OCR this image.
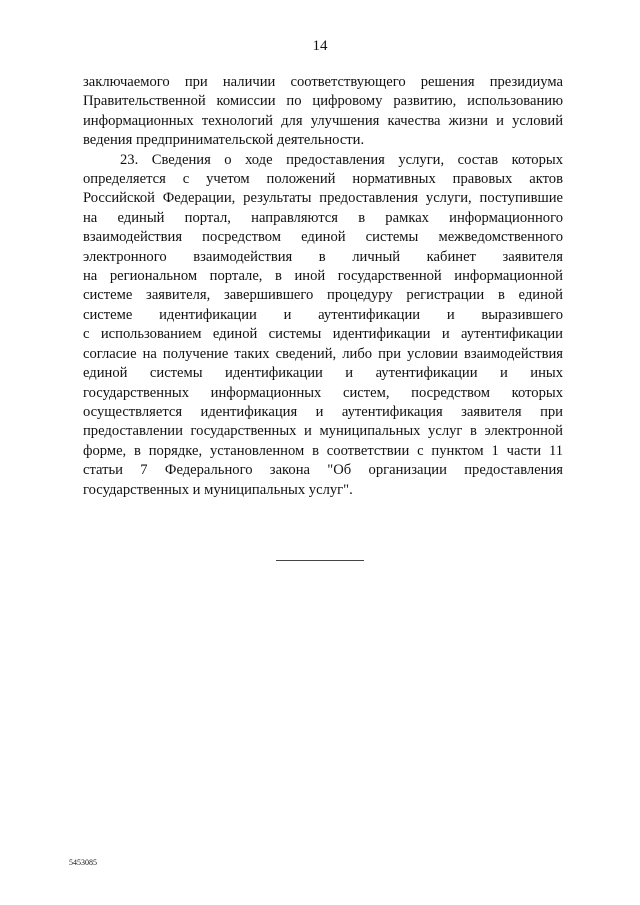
14
заключаемого при наличии соответствующего решения президиума
Правительственной комиссии по цифровому развитию, использованию
информационных технологий для улучшения качества жизни и условий
ведения предпринимательской деятельности.
23. Сведения о ходе предоставления услуги, состав которых
определяется с учетом положений нормативных правовых актов
Российской Федерации, результаты предоставления услуги, поступившие
на единый портал, направляются в рамках информационного
взаимодействия посредством единой системы межведомственного
электронного взаимодействия в личный кабинет заявителя
на региональном портале, в иной государственной информационной
системе заявителя, завершившего процедуру регистрации в единой
системе идентификации и аутентификации и выразившего
с использованием единой системы идентификации и аутентификации
согласие на получение таких сведений, либо при условии взаимодействия
единой системы идентификации и аутентификации и иных
государственных информационных систем, посредством которых
осуществляется идентификация и аутентификация заявителя при
предоставлении государственных и муниципальных услуг в электронной
форме, в порядке, установленном в соответствии с пунктом 1 части 11
статьи 7 Федерального закона "Об организации предоставления
государственных и муниципальных услуг".
5453085
